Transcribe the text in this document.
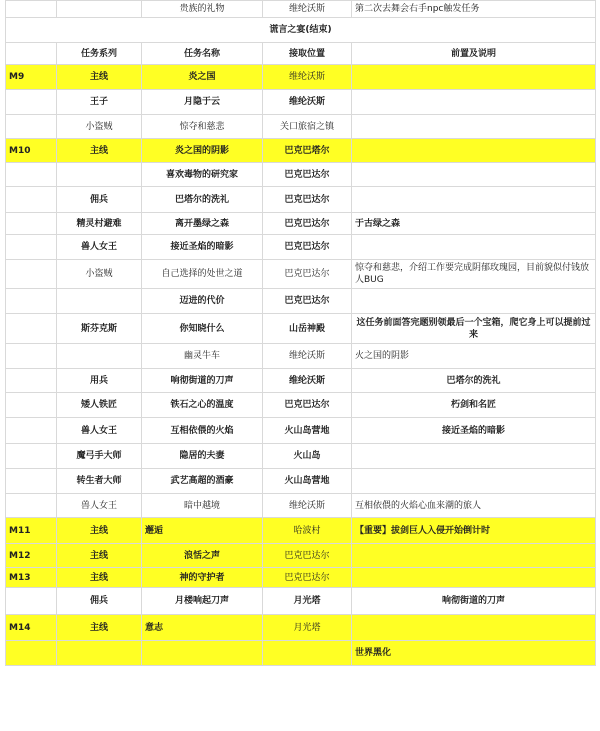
		贵族的礼物	维纶沃斯	第二次去舞会右手npc触发任务
谎言之宴(结束)				
	任务系列	任务名称	接取位置	前置及说明
M9	主线	炎之国	维纶沃斯	
	王子	月隐于云	维纶沃斯	
	小盗贼	惊夺和慈悲	关口旅宿之镇	
M10	主线	炎之国的阴影	巴克巴塔尔	
		喜欢毒物的研究家	巴克巴达尔	
	佣兵	巴塔尔的洗礼	巴克巴达尔	
	精灵村避难	离开墨绿之森	巴克巴达尔	于古绿之森
	兽人女王	接近圣焰的暗影	巴克巴达尔	
	小盗贼	自己选择的处世之道	巴克巴达尔	惊夺和慈悲，介绍工作要完成阴郁玫瑰园，目前貌似付钱放人BUG
		迈进的代价	巴克巴达尔	
	斯芬克斯	你知晓什么	山岳神殿	这任务前面答完题别领最后一个宝箱，爬它身上可以提前过来
		幽灵牛车	维纶沃斯	火之国的阴影
	用兵	响彻街道的刀声	维纶沃斯	巴塔尔的洗礼
	矮人铁匠	铁石之心的温度	巴克巴达尔	朽剑和名匠
	兽人女王	互相依偎的火焰	火山岛营地	接近圣焰的暗影
	魔弓手大师	隐居的夫妻	火山岛	
	转生者大师	武艺高超的酒豪	火山岛营地	
	兽人女王	暗中越境	维纶沃斯	互相依偎的火焰心血来潮的旅人
M11	主线	邂逅	哈波村	【重要】拔剑巨人入侵开始倒计时
M12	主线	浪恬之声	巴克巴达尔	
M13	主线	神的守护者	巴克巴达尔	
	佣兵	月楼响起刀声	月光塔	响彻街道的刀声
M14	主线	意志	月光塔	
				世界黑化
